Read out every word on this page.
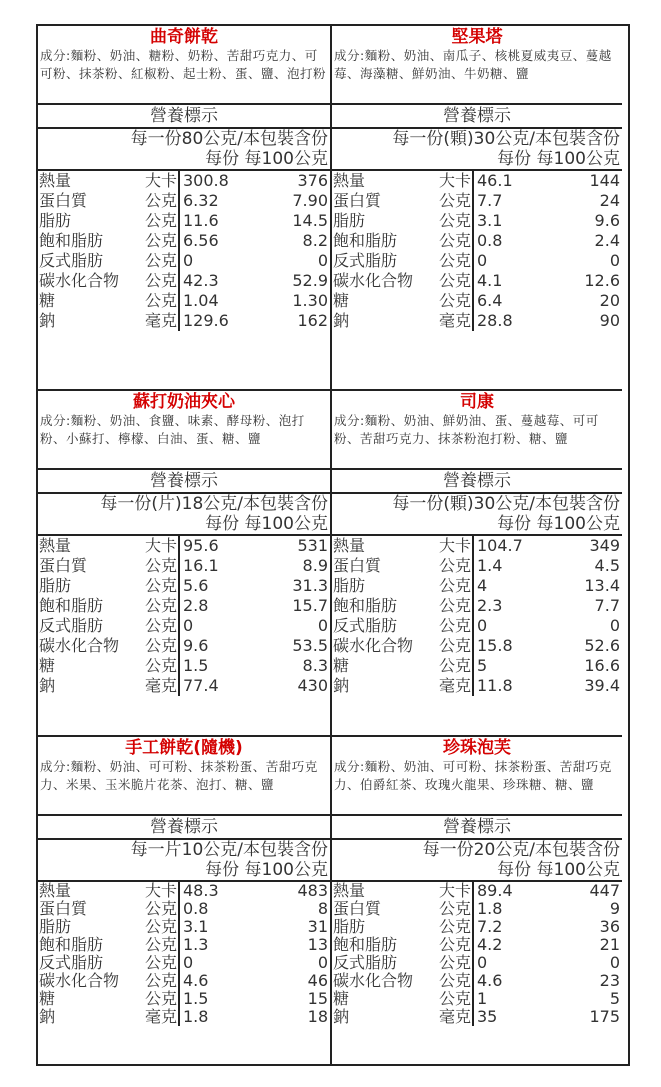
曲奇餅乾
成分:麵粉、奶油、糖粉、奶粉、苦甜巧克力、可可粉、抹茶粉、紅椒粉、起士粉、蛋、鹽、泡打粉
營養標示
每一份80公克/本包裝含份
每份 每100公克
熱量	大卡	300.8	376
蛋白質	公克	6.32	7.90
脂肪	公克	11.6	14.5
飽和脂肪	公克	6.56	8.2
反式脂肪	公克	0	0
碳水化合物	公克	42.3	52.9
糖	公克	1.04	1.30
鈉	毫克	129.6	162
堅果塔
成分:麵粉、奶油、南瓜子、核桃夏威夷豆、蔓越莓、海藻糖、鮮奶油、牛奶糖、鹽
營養標示
每一份(顆)30公克/本包裝含份
每份 每100公克
熱量	大卡	46.1	144
蛋白質	公克	7.7	24
脂肪	公克	3.1	9.6
飽和脂肪	公克	0.8	2.4
反式脂肪	公克	0	0
碳水化合物	公克	4.1	12.6
糖	公克	6.4	20
鈉	毫克	28.8	90
蘇打奶油夾心
成分:麵粉、奶油、食鹽、味素、酵母粉、泡打粉、小蘇打、檸檬、白油、蛋、糖、鹽
營養標示
每一份(片)18公克/本包裝含份
每份 每100公克
熱量	大卡	95.6	531
蛋白質	公克	16.1	8.9
脂肪	公克	5.6	31.3
飽和脂肪	公克	2.8	15.7
反式脂肪	公克	0	0
碳水化合物	公克	9.6	53.5
糖	公克	1.5	8.3
鈉	毫克	77.4	430
司康
成分:麵粉、奶油、鮮奶油、蛋、蔓越莓、可可粉、苦甜巧克力、抹茶粉泡打粉、糖、鹽
營養標示
每一份(顆)30公克/本包裝含份
每份 每100公克
熱量	大卡	104.7	349
蛋白質	公克	1.4	4.5
脂肪	公克	4	13.4
飽和脂肪	公克	2.3	7.7
反式脂肪	公克	0	0
碳水化合物	公克	15.8	52.6
糖	公克	5	16.6
鈉	毫克	11.8	39.4
手工餅乾(隨機)
成分:麵粉、奶油、可可粉、抹茶粉蛋、苦甜巧克力、米果、玉米脆片花茶、泡打、糖、鹽
營養標示
每一片10公克/本包裝含份
每份 每100公克
熱量	大卡	48.3	483
蛋白質	公克	0.8	8
脂肪	公克	3.1	31
飽和脂肪	公克	1.3	13
反式脂肪	公克	0	0
碳水化合物	公克	4.6	46
糖	公克	1.5	15
鈉	毫克	1.8	18
珍珠泡芙
成分:麵粉、奶油、可可粉、抹茶粉蛋、苦甜巧克力、伯爵紅茶、玫瑰火龍果、珍珠糖、糖、鹽
營養標示
每一份20公克/本包裝含份
每份 每100公克
熱量	大卡	89.4	447
蛋白質	公克	1.8	9
脂肪	公克	7.2	36
飽和脂肪	公克	4.2	21
反式脂肪	公克	0	0
碳水化合物	公克	4.6	23
糖	公克	1	5
鈉	毫克	35	175
